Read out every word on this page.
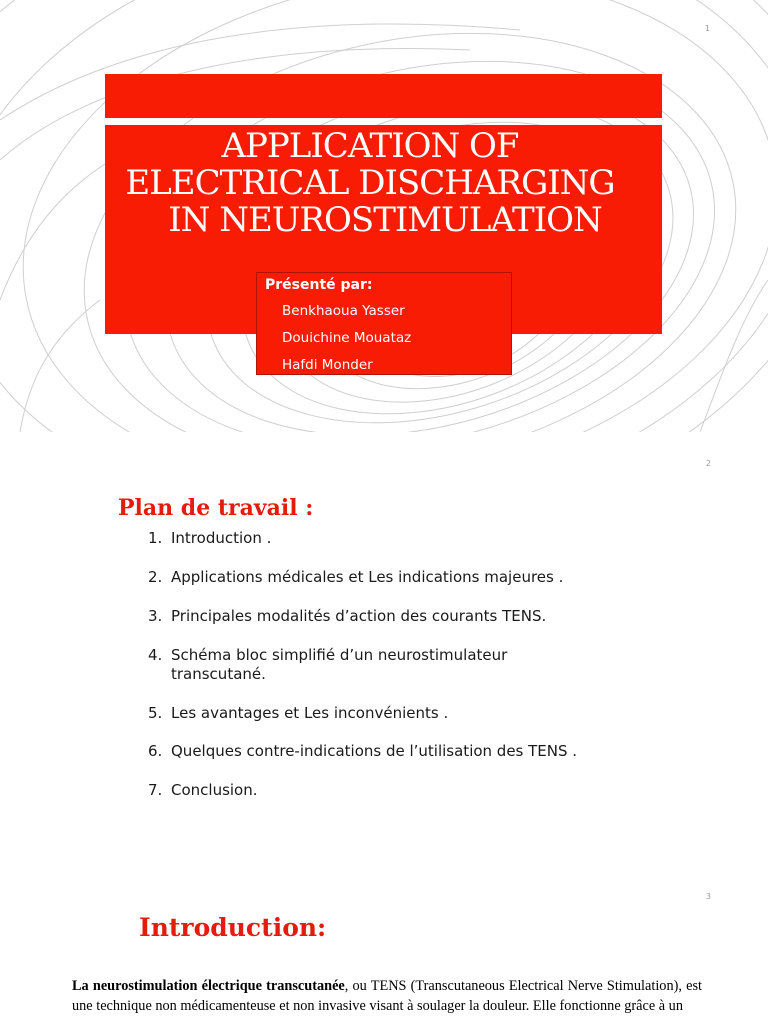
1
APPLICATION OF
ELECTRICAL DISCHARGING
IN NEUROSTIMULATION
Présenté par:
Benkhaoua Yasser
Douichine Mouataz
Hafdi Monder
2
Plan de travail :
1. Introduction .
2. Applications médicales et Les indications majeures .
3. Principales modalités d’action des courants TENS.
4. Schéma bloc simplifié d’un neurostimulateur transcutané.
5. Les avantages et Les inconvénients .
6. Quelques contre-indications de l’utilisation des TENS .
7. Conclusion.
3
Introduction:

La neurostimulation électrique transcutanée, ou TENS (Transcutaneous Electrical Nerve Stimulation), est une technique non médicamenteuse et non invasive visant à soulager la douleur. Elle fonctionne grâce à un
